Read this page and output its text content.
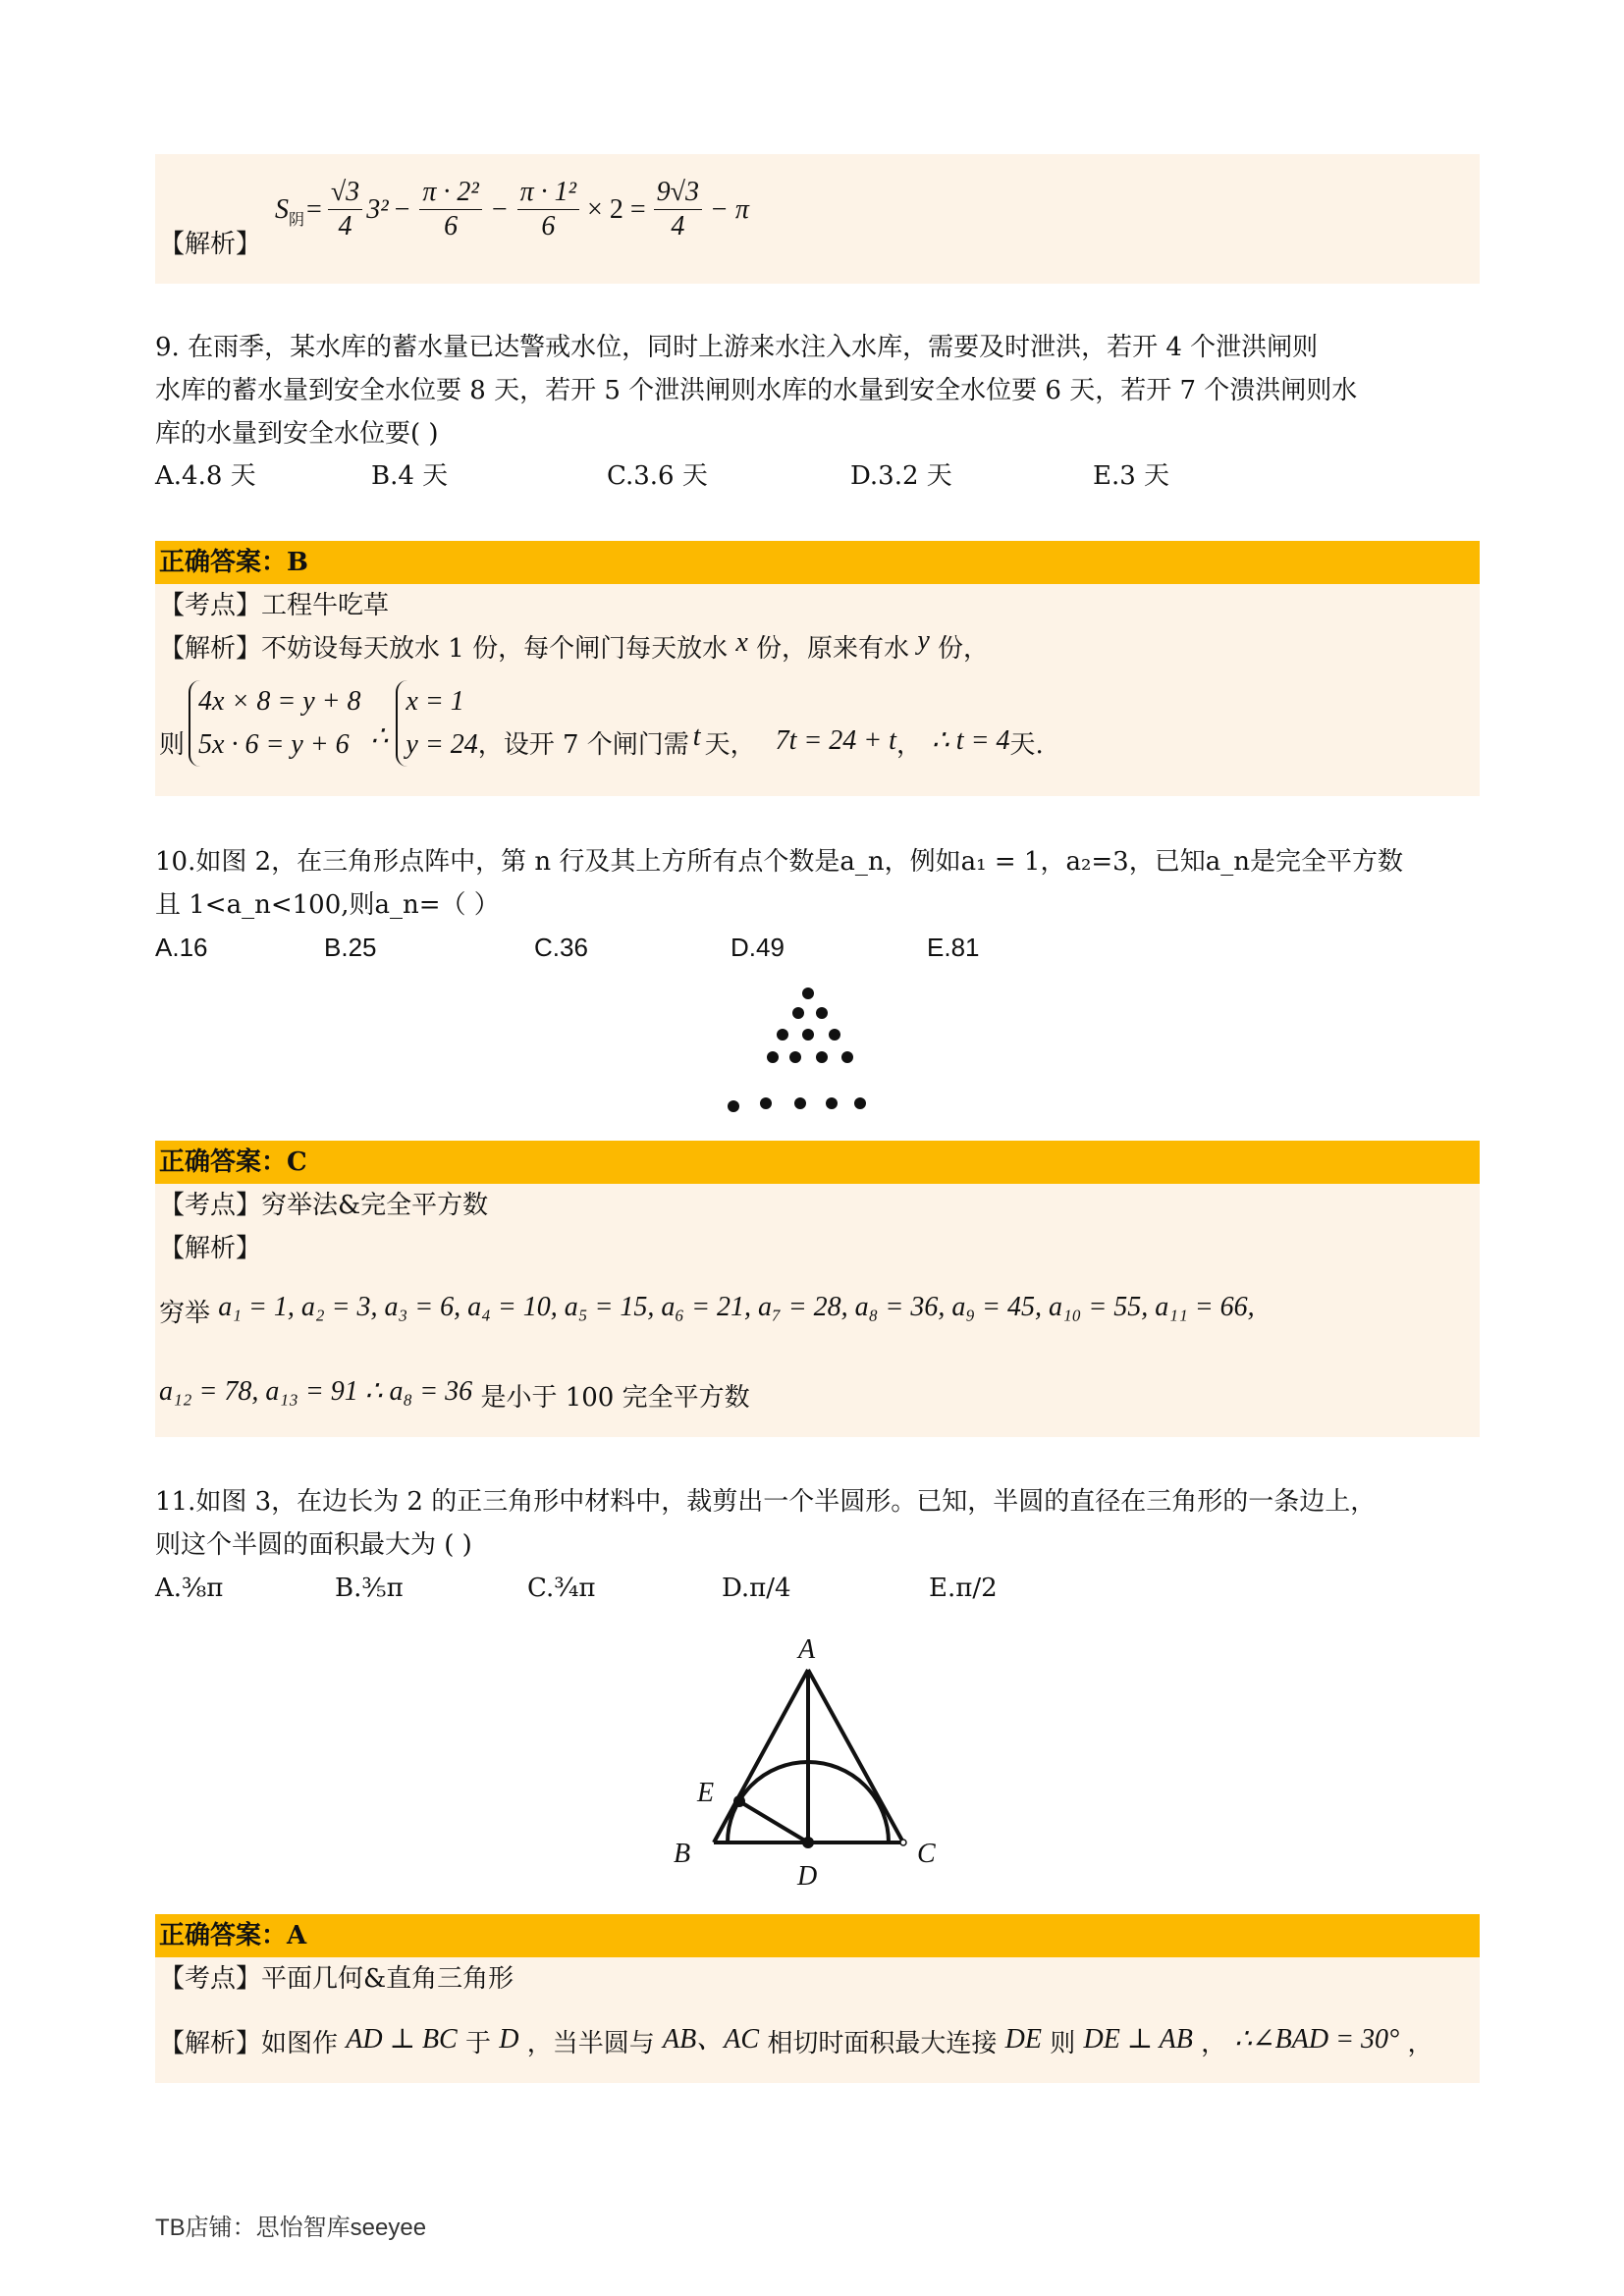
【解析】
S 阴 = $\frac{√3}{4} 3^2 - \frac{\text{π · 2²}}{6} - \frac{\text{π · 1²}}{6} \times 2 = \frac{9√3}{4} - \pi$
9. 在雨季，某水库的蓄水量已达警戒水位，同时上游来水注入水库，需要及时泄洪，若开 4 个泄洪闸则
水库的蓄水量到安全水位要 8 天，若开 5 个泄洪闸则水库的水量到安全水位要 6 天，若开 7 个溃洪闸则水
库的水量到安全水位要( )
A.4.8 天	B.4 天	C.3.6 天	D.3.2 天	E.3 天
正确答案：B
【考点】工程牛吃草
【解析】不妨设每天放水 1 份，每个闸门每天放水 x 份，原来有水 y 份，
则
4x × 8 = y + 8
5x · 6 = y + 6 ∴
x = 1
y = 24 ，设开 7 个闸门需 t 天， 7t = 24 + t ， ∴ t = 4 天.
10.如图 2，在三角形点阵中，第 n 行及其上方所有点个数是a_n，例如a₁ = 1，a₂=3，已知a_n是完全平方数
且 1<a_n<100,则a_n=（ ）
A.16	B.25	C.36	D.49	E.81
正确答案：C
【考点】穷举法&完全平方数
【解析】
穷举 a₁ = 1, a₂ = 3, a₃ = 6, a₄ = 10, a₅ = 15, a₆ = 21, a₇ = 28, a₈ = 36, a₉ = 45, a₁₀ = 55, a₁₁ = 66,
a₁₂ = 78, a₁₃ = 91 ∴ a₈ = 36 是小于 100 完全平方数
11.如图 3，在边长为 2 的正三角形中材料中，裁剪出一个半圆形。已知，半圆的直径在三角形的一条边上，
则这个半圆的面积最大为 ( )
A.⅜π	B.⅗π	C.¾π	D.π/4	E.π/2
A
E
B
D
C
正确答案：A
【考点】平面几何&直角三角形
【解析】如图作 AD ⊥ BC 于 D ，当半圆与 AB、AC 相切时面积最大连接 DE 则 DE ⊥ AB ， ∴∠BAD = 30° ，
TB店铺：思怡智库seeyee
